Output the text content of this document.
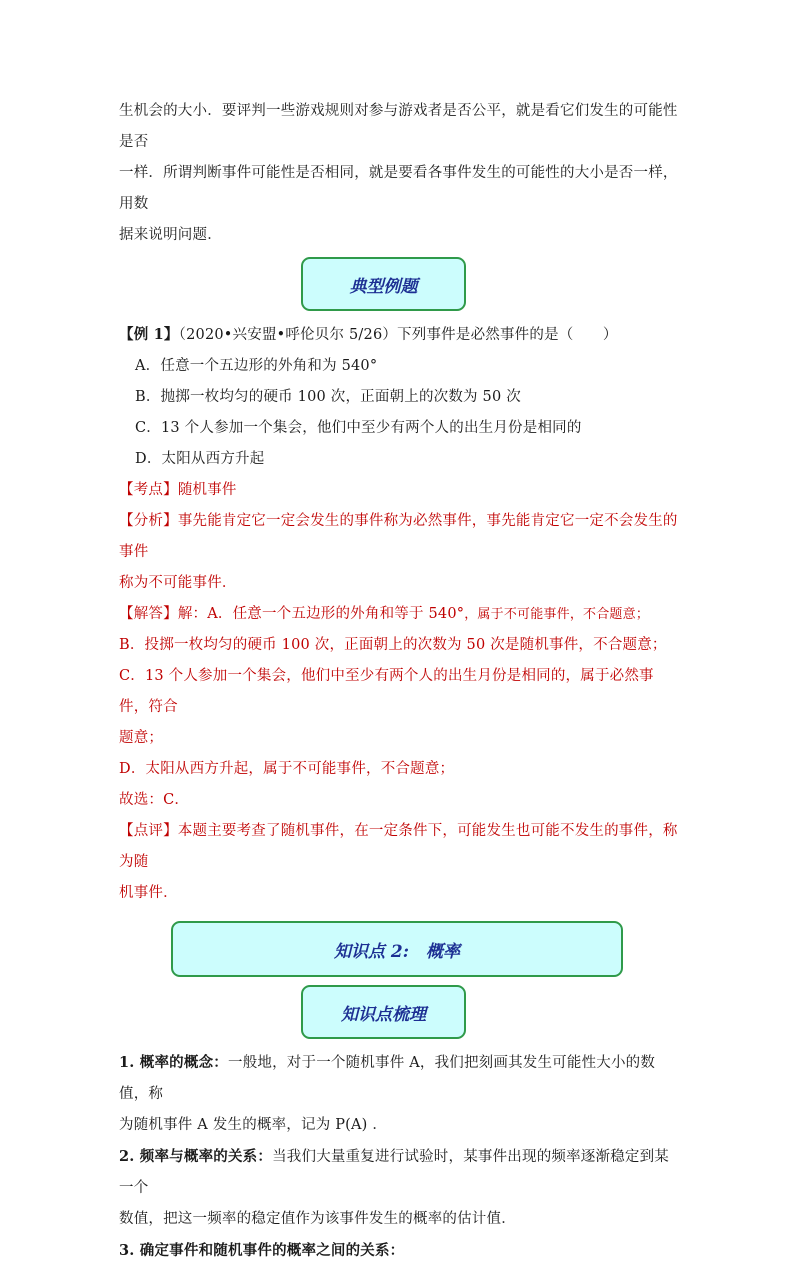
生机会的大小．要评判一些游戏规则对参与游戏者是否公平，就是看它们发生的可能性是否

一样．所谓判断事件可能性是否相同，就是要看各事件发生的可能性的大小是否一样，用数

据来说明问题．

典型例题

【例 1】（2020•兴安盟•呼伦贝尔 5/26）下列事件是必然事件的是（　　）

A．任意一个五边形的外角和为 540°

B．抛掷一枚均匀的硬币 100 次，正面朝上的次数为 50 次

C．13 个人参加一个集会，他们中至少有两个人的出生月份是相同的

D．太阳从西方升起

【考点】随机事件

【分析】事先能肯定它一定会发生的事件称为必然事件，事先能肯定它一定不会发生的事件

称为不可能事件．

【解答】解：A．任意一个五边形的外角和等于 540°，属于不可能事件，不合题意；

B．投掷一枚均匀的硬币 100 次，正面朝上的次数为 50 次是随机事件，不合题意；

C．13 个人参加一个集会，他们中至少有两个人的出生月份是相同的，属于必然事件，符合

题意；

D．太阳从西方升起，属于不可能事件，不合题意；

故选：C．

【点评】本题主要考查了随机事件，在一定条件下，可能发生也可能不发生的事件，称为随

机事件．

知识点 2:　概率
知识点梳理

1. 概率的概念：一般地，对于一个随机事件 A，我们把刻画其发生可能性大小的数值，称

为随机事件 A 发生的概率，记为 P(A) ．

2. 频率与概率的关系：当我们大量重复进行试验时，某事件出现的频率逐渐稳定到某一个

数值，把这一频率的稳定值作为该事件发生的概率的估计值．

3. 确定事件和随机事件的概率之间的关系：
